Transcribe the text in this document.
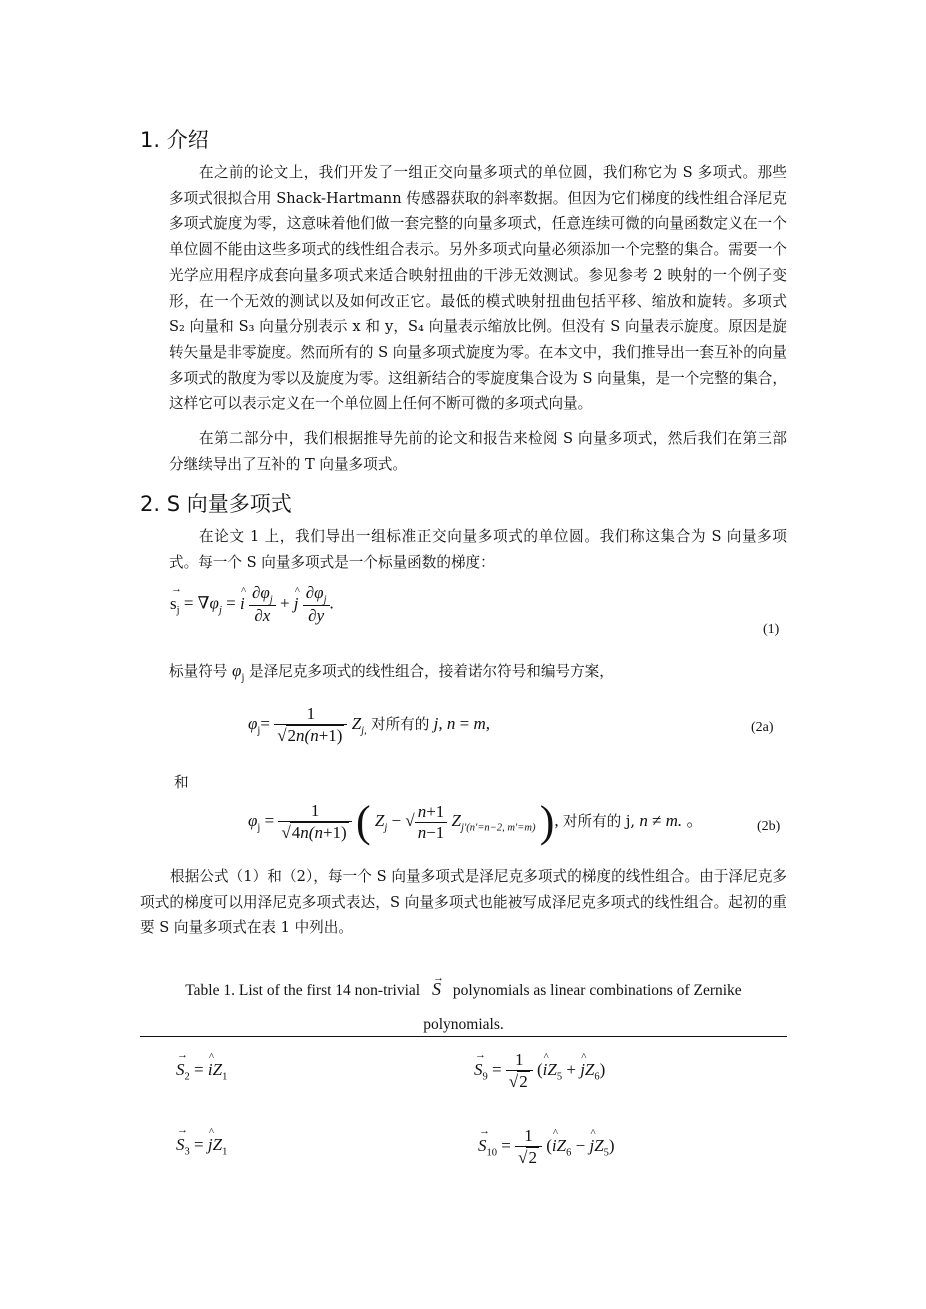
1. 介绍
在之前的论文上，我们开发了一组正交向量多项式的单位圆，我们称它为 S 多项式。那些多项式很拟合用 Shack-Hartmann 传感器获取的斜率数据。但因为它们梯度的线性组合泽尼克多项式旋度为零，这意味着他们做一套完整的向量多项式，任意连续可微的向量函数定义在一个单位圆不能由这些多项式的线性组合表示。另外多项式向量必须添加一个完整的集合。需要一个光学应用程序成套向量多项式来适合映射扭曲的干涉无效测试。参见参考 2 映射的一个例子变形，在一个无效的测试以及如何改正它。最低的模式映射扭曲包括平移、缩放和旋转。多项式 S₂ 向量和 S₃ 向量分别表示 x 和 y，S₄ 向量表示缩放比例。但没有 S 向量表示旋度。原因是旋转矢量是非零旋度。然而所有的 S 向量多项式旋度为零。在本文中，我们推导出一套互补的向量多项式的散度为零以及旋度为零。这组新结合的零旋度集合设为 S 向量集，是一个完整的集合，这样它可以表示定义在一个单位圆上任何不断可微的多项式向量。
在第二部分中，我们根据推导先前的论文和报告来检阅 S 向量多项式，然后我们在第三部分继续导出了互补的 T 向量多项式。
2. S 向量多项式
在论文 1 上，我们导出一组标准正交向量多项式的单位圆。我们称这集合为 S 向量多项式。每一个 S 向量多项式是一个标量函数的梯度：
→ $s_j = \nabla\varphi_j$ = ^ i $\frac{\partial\varphi_j}{\partial x}$ + ^ j $\frac{\partial\varphi_j}{\partial y}$ .
(1)
标量符号 $\varphi_j$ 是泽尼克多项式的线性组合，接着诺尔符号和编号方案，
$\varphi_j= \frac{1}{√2n(n+1)} Z_{j,}$ 对所有的 j, n = m,	(2a)
和
$\varphi_j = \frac{1}{√4n(n+1)}$ ( $Z_j$ − √ $\frac{n+1}{n-1} Z_{j'(n'=n-2, m'=m)}$ ), 对所有的 j, n ≠ m. 。	(2b)
根据公式（1）和（2），每一个 S 向量多项式是泽尼克多项式的梯度的线性组合。由于泽尼克多项式的梯度可以用泽尼克多项式表达，S 向量多项式也能被写成泽尼克多项式的线性组合。起初的重要 S 向量多项式在表 1 中列出。
Table 1. List of the first 14 non-trivial → S polynomials as linear combinations of Zernike
polynomials.
→ $S_2$ = ^ $iZ_1$	→ $S_9 = \frac{1}{√2}$ (^ $iZ_5$ + ^ $jZ_6$)
→ $S_3$ = ^ $jZ_1$	→ $S_{10} = \frac{1}{√2}$ (^ $iZ_6$ − ^ $jZ_5$)
